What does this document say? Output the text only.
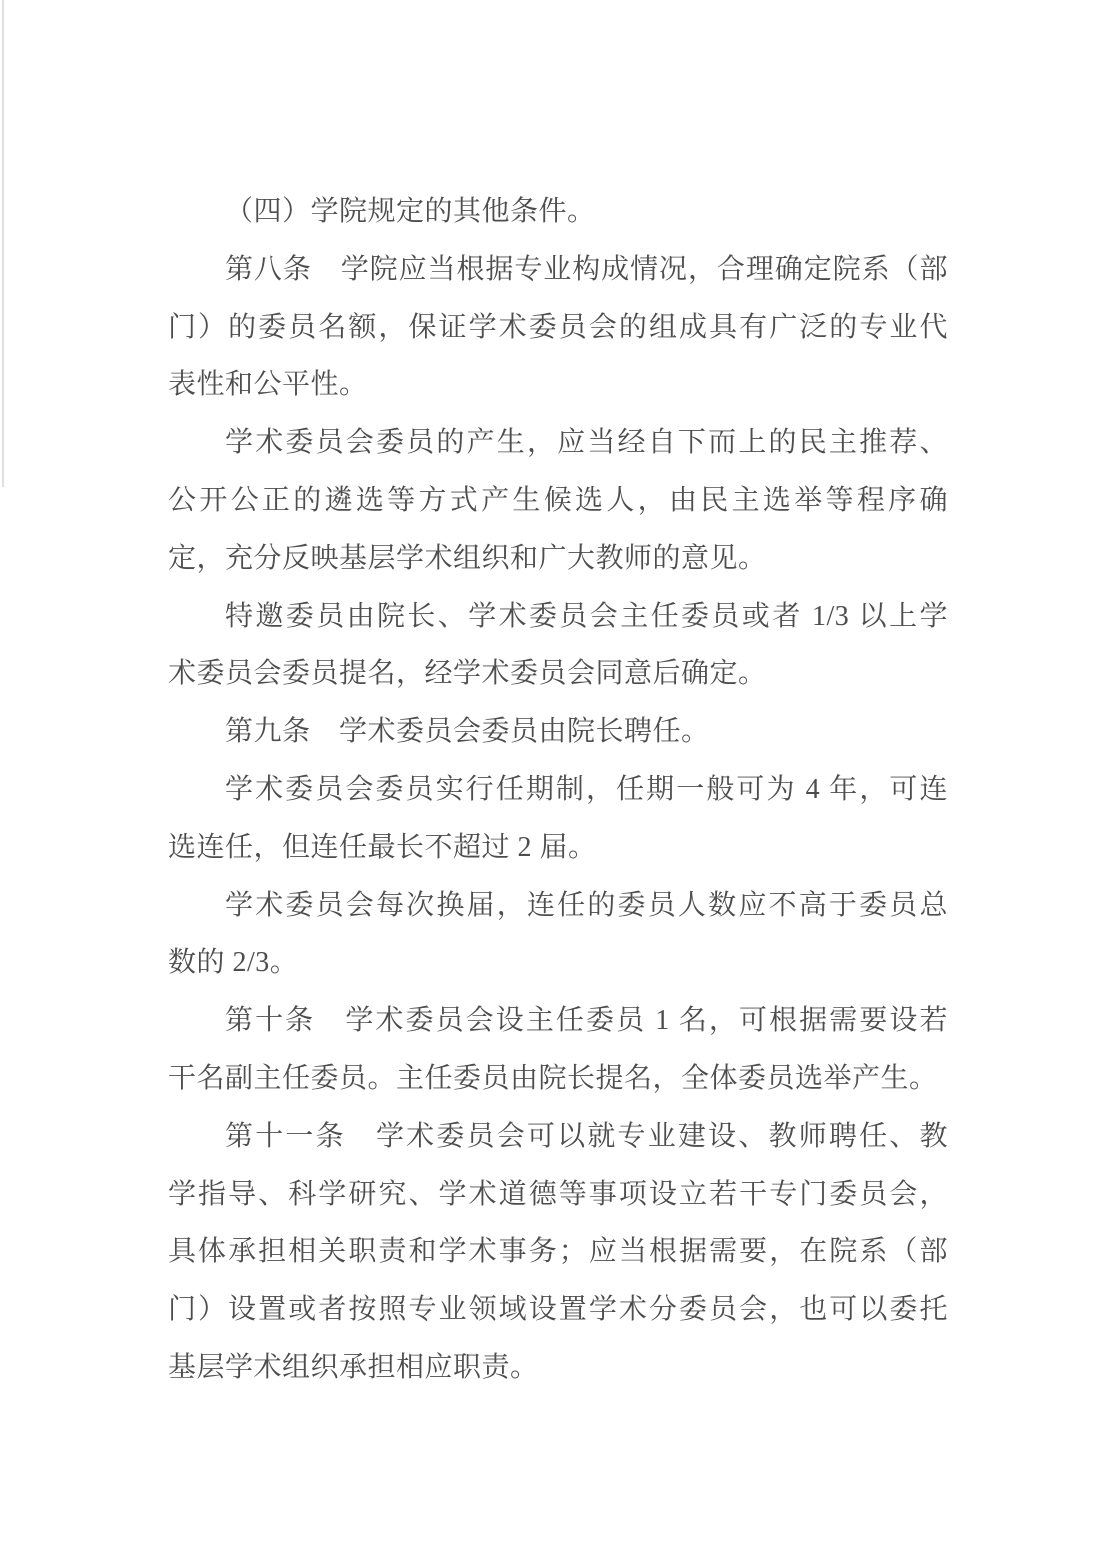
（四）学院规定的其他条件。
第八条　学院应当根据专业构成情况，合理确定院系（部
门）的委员名额，保证学术委员会的组成具有广泛的专业代
表性和公平性。
学术委员会委员的产生，应当经自下而上的民主推荐、
公开公正的遴选等方式产生候选人，由民主选举等程序确
定，充分反映基层学术组织和广大教师的意见。
特邀委员由院长、学术委员会主任委员或者 1/3 以上学
术委员会委员提名，经学术委员会同意后确定。
第九条　学术委员会委员由院长聘任。
学术委员会委员实行任期制，任期一般可为 4 年，可连
选连任，但连任最长不超过 2 届。
学术委员会每次换届，连任的委员人数应不高于委员总
数的 2/3。
第十条　学术委员会设主任委员 1 名，可根据需要设若
干名副主任委员。主任委员由院长提名，全体委员选举产生。
第十一条　学术委员会可以就专业建设、教师聘任、教
学指导、科学研究、学术道德等事项设立若干专门委员会，
具体承担相关职责和学术事务；应当根据需要，在院系（部
门）设置或者按照专业领域设置学术分委员会，也可以委托
基层学术组织承担相应职责。
